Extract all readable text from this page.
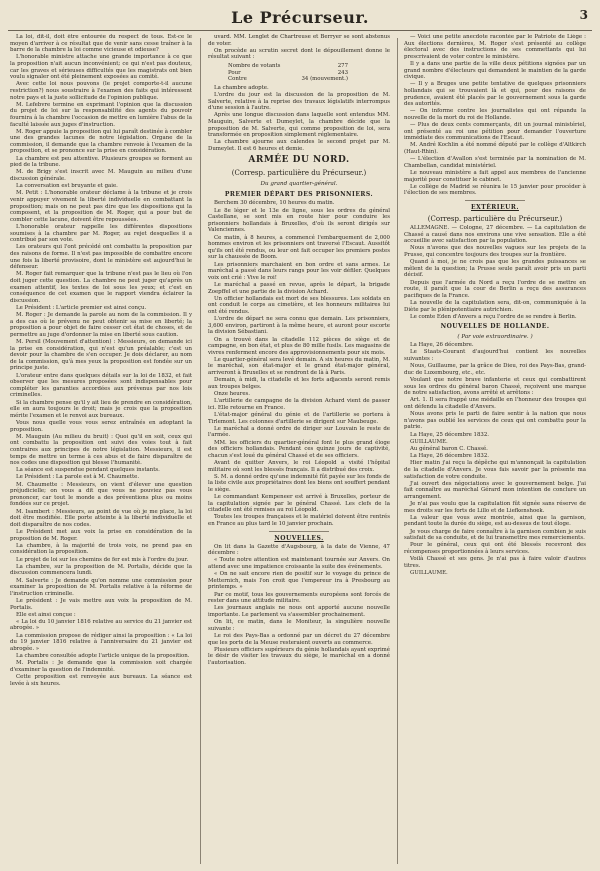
Le Précurseur.	3

La loi, dit-il, doit être entourée du respect de tous. Est-ce le moyen d'arriver à ce résultat que de venir sans cesse traîner à la barre de la chambre la loi comme vicieuse et odieuse?

L'honorable ministre attache une grande importance à ce que la proposition n'ait aucun inconvénient; ce qui n'est pas douteux, car les graves et sérieuses difficultés que les magistrats ont bien voulu signaler ont été pleinement exposées au comité.

Avec cette loi nous pouvons (le projet comporte-t-il aucune restriction?) nous soustraire à l'examen des faits qui intéressent notre pays et la juste sollicitude de l'opinion publique.

M. Lefebvre termine en exprimant l'opinion que la discussion du projet de loi sur la responsabilité des agents du pouvoir fournira à la chambre l'occasion de mettre en lumière l'abus de la faculté laissée aux juges d'instruction.

M. Roger appuie la proposition qui lui paraît destinée à combler une des grandes lacunes de notre législation. Organe de la commission, il demande que la chambre renvoie à l'examen de la proposition, et se prononce sur la prise en considération.

La chambre est peu attentive. Plusieurs groupes se forment au pied de la tribune.

M. de Brigy s'est inscrit avec M. Mauguin au milieu d'une discussion générale.

La conversation est bruyante et gaie.

M. Petit : L'honorable orateur déclame à la tribune et je crois venir appuyer vivement la liberté individuelle en combattant la proposition; mais on ne peut pas dire que les dispositions qui la composent, et la proposition de M. Roger, qui a pour but de combler cette lacune, doivent être repoussées.

L'honorable orateur rappelle les différentes dispositions soumises à la chambre par M. Roger, au rejet desquelles il a contribué par son vote.

Les orateurs qui l'ont précédé ont combattu la proposition par des raisons de forme. Il n'est pas impossible de combattre encore une fois la liberté provisoire, dont le ministère est aujourd'hui le défenseur.

M. Roger fait remarquer que la tribune n'est pas le lieu où l'on doit juger cette question. La chambre ne peut juger qu'après un examen attentif, les textes de loi sous les yeux; et c'est en conséquence de cet examen que le rapport viendra éclairer la discussion.

Le Président : L'article premier est ainsi conçu.

M. Roger : Je demande la parole au nom de la commission. Il y a des cas où le prévenu ne peut obtenir sa mise en liberté; la proposition a pour objet de faire cesser cet état de choses, et de permettre au juge d'ordonner la mise en liberté sous caution.

M. Persil (Mouvement d'attention) : Messieurs, on demande ici la prise en considération, qui n'est qu'un préalable; c'est un devoir pour la chambre de s'en occuper. Je dois déclarer, au nom de la commission, qu'à mes yeux la proposition est fondée sur un principe juste.

L'orateur entre dans quelques détails sur la loi de 1832, et fait observer que les mesures proposées sont indispensables pour compléter les garanties accordées aux prévenus par nos lois criminelles.

Si la chambre pense qu'il y ait lieu de prendre en considération, elle en aura toujours le droit; mais je crois que la proposition mérite l'examen et le renvoi aux bureaux.

Vous nous quelle vous vous serez entraînés en adoptant la proposition.

M. Mauguin (Au milieu du bruit) : Quoi qu'il en soit, ceux qui ont combattu la proposition ont suivi des voies tout à fait contraires aux principes de notre législation. Messieurs, il est temps de mettre un terme à ces abus et de faire disparaître de nos codes une disposition qui blesse l'humanité.

La séance est suspendue pendant quelques instants.

Le Président : La parole est à M. Chaumette.

M. Chaumette : Messieurs, on vient d'élever une question préjudicielle; on vous a dit que vous ne pouviez pas vous prononcer, car tout le monde a des préventions plus ou moins fondées sur ce projet.

M. Isambert : Messieurs, au point de vue où je me place, la loi doit être modifiée. Elle porte atteinte à la liberté individuelle et doit disparaître de nos codes.

Le Président met aux voix la prise en considération de la proposition de M. Roger.

La chambre, à la majorité de trois voix, ne prend pas en considération la proposition.

Le projet de loi sur les chemins de fer est mis à l'ordre du jour.

La chambre, sur la proposition de M. Portalis, décide que la discussion commencera lundi.

M. Salverte : Je demande qu'on nomme une commission pour examiner la proposition de M. Portalis relative à la réforme de l'instruction criminelle.

Le président : Je vais mettre aux voix la proposition de M. Portalis.

Elle est ainsi conçue :

« La loi du 10 janvier 1816 relative au service du 21 janvier est abrogée. »

La commission propose de rédiger ainsi la proposition : « La loi du 19 janvier 1816 relative à l'anniversaire du 21 janvier est abrogée. »

La chambre consultée adopte l'article unique de la proposition.

M. Portalis : Je demande que la commission soit chargée d'examiner la question de l'indemnité.

Cette proposition est renvoyée aux bureaux. La séance est levée à six heures.

uvard. MM. Lenglet de Chartreuse et Berryer se sont abstenus de voter.

On procède au scrutin secret dont le dépouillement donne le résultat suivant :

Nombre de votants	277
Pour	243
Contre	34 (mouvement.)

La chambre adopte.

L'ordre du jour est la discussion de la proposition de M. Salverte, relative à la reprise des travaux législatifs interrompus d'une session à l'autre.

Après une longue discussion dans laquelle sont entendus MM. Mauguin, Salverte et Dumeylet, la chambre décide que la proposition de M. Salverte, qui comme proposition de loi, sera transformée en proposition simplement réglementaire.

La chambre ajourne aux calendes le second projet par M. Dumeylet. Il est 6 heures et demie.

ARMÉE DU NORD.
(Corresp. particulière du Précurseur.)
Du grand quartier-général.
PREMIER DÉPART DES PRISONNIERS.

Berchem 30 décembre, 10 heures du matin.

Le 8e léger et le 13e de ligne, sous les ordres du général Castellane, se sont mis en route hier pour conduire les prisonniers hollandais à Bruxelles, d'où ils seront dirigés sur Valenciennes.

Ce matin, à 8 heures, a commencé l'embarquement de 2,000 hommes environ et les prisonniers ont traversé l'Escaut. Aussitôt qu'ils ont été rendus, ou leur ont fait occuper les premiers postes sur la chaussée de Boom.

Les prisonniers marchaient en bon ordre et sans armes. Le maréchal a passé dans leurs rangs pour les voir défiler. Quelques voix ont crié : Vive le roi!

Le maréchal a passé en revue, après le départ, la brigade Zoepffel et une partie de la division Achard.

Un officier hollandais est mort de ses blessures. Les soldats en ont conduit le corps au cimetière, et les honneurs militaires lui ont été rendus.

L'ordre de départ ne sera connu que demain. Les prisonniers, 3,600 environ, partiront à la même heure, et auront pour escorte la division Sébastiani.

On a trouvé dans la citadelle 112 pièces de siège et de campagne, en bon état, et plus de 80 mille fusils. Les magasins de vivres renferment encore des approvisionnements pour six mois.

Le quartier-général sera levé demain. A six heures du matin, M. le maréchal, son état-major et le grand état-major général, arriveront à Bruxelles et se rendront de là à Paris.

Demain, à midi, la citadelle et les forts adjacents seront remis aux troupes belges.

Onze heures.

L'artillerie de campagne de la division Achard vient de passer ici. Elle retourne en France.

L'état-major général du génie et de l'artillerie se portera à Tirlemont. Les colonnes d'artillerie se dirigent sur Maubeuge.

Le maréchal a donné ordre de diriger sur Louvain le reste de l'armée.

MM. les officiers du quartier-général font le plus grand éloge des officiers hollandais. Pendant ces quinze jours de captivité, chacun s'est loué du général Chassé et de ses officiers.

Avant de quitter Anvers, le roi Léopold a visité l'hôpital militaire où sont les blessés français. Il a distribué des croix.

S. M. a donné ordre qu'une indemnité fût payée sur les fonds de la liste civile aux propriétaires dont les biens ont souffert pendant le siège.

Le commandant Kempeneer est arrivé à Bruxelles, porteur de la capitulation signée par le général Chassé. Les clefs de la citadelle ont été remises au roi Léopold.

Toutes les troupes françaises et le matériel doivent être rentrés en France au plus tard le 10 janvier prochain.

NOUVELLES.

On lit dans la Gazette d'Augsbourg, à la date de Vienne, 47 décembre :

« Toute notre attention est maintenant tournée sur Anvers. On attend avec une impatience croissante la suite des événements.

« On ne sait encore rien de positif sur le voyage du prince de Metternich, mais l'on croit que l'empereur ira à Presbourg au printemps. »

Par ce motif, tous les gouvernements européens sont forcés de rester dans une attitude militaire.

Les journaux anglais ne nous ont apporté aucune nouvelle importante. Le parlement va s'assembler prochainement.

On lit, ce matin, dans le Moniteur, la singulière nouvelle suivante :

Le roi des Pays-Bas a ordonné par un décret du 27 décembre que les ports de la Meuse resteraient ouverts au commerce.

Plusieurs officiers supérieurs du génie hollandais ayant exprimé le désir de visiter les travaux du siège, le maréchal en a donné l'autorisation.

— Voici une petite anecdote racontée par le Patriote de Liège : Aux élections dernières, M. Roger s'est présenté au collège électoral avec des instructions de ses commettants qui lui prescrivaient de voter contre le ministère.

Il y a dans une partie de la ville deux pétitions signées par un grand nombre d'électeurs qui demandent le maintien de la garde civique.

— Il y a Bruges une petite tentative de quelques prisonniers hollandais qui se trouvaient là et qui, pour des raisons de prudence, avaient été placés par le gouvernement sous la garde des autorités.

— On informe contre les journalistes qui ont répandu la nouvelle de la mort du roi de Hollande.

— Plus de deux cents commerçants, dit un journal ministériel, ont présenté au roi une pétition pour demander l'ouverture immédiate des communications de l'Escaut.

M. André Kochlin a été nommé député par le collège d'Altkirch (Haut-Rhin).

— L'élection d'Avallon s'est terminée par la nomination de M. Chambellan, candidat ministériel.

Le nouveau ministère a fait appel aux membres de l'ancienne majorité pour constituer le cabinet.

Le collège de Madrid se réunira le 15 janvier pour procéder à l'élection de ses membres.

EXTÉRIEUR.
(Corresp. particulière du Précurseur.)

ALLEMAGNE. — Cologne, 27 décembre. — La capitulation de Chassé a causé dans nos environs une vive sensation. Elle a été accueillie avec satisfaction par la population.

Nous n'avons que des nouvelles vagues sur les projets de la Prusse, qui concentre toujours des troupes sur la frontière.

Quand à moi, je ne crois pas que les grandes puissances se mêlent de la question; la Prusse seule paraît avoir pris un parti décisif.

Depuis que l'armée du Nord a reçu l'ordre de se mettre en route, il paraît que la cour de Berlin a reçu des assurances pacifiques de la France.

La nouvelle de la capitulation sera, dit-on, communiquée à la Diète par le plénipotentiaire autrichien.

Le comte Eden d'Anvers a reçu l'ordre de se rendre à Berlin.

NOUVELLES DE HOLLANDE.
( Par voie extraordinaire. )

La Haye, 26 décembre.

Le Staats-Courant d'aujourd'hui contient les nouvelles suivantes :

Nous, Guillaume, par la grâce de Dieu, roi des Pays-Bas, grand-duc de Luxembourg, etc., etc.

Voulant que notre brave infanterie et ceux qui combattirent sous les ordres du général baron Chassé, reçoivent une marque de notre satisfaction, avons arrêté et arrêtons :

Art. 1. Il sera frappé une médaille en l'honneur des troupes qui ont défendu la citadelle d'Anvers.

Nous avons pris le parti de faire sentir à la nation que nous n'avons pas oublié les services de ceux qui ont combattu pour la patrie.

La Haye, 25 décembre 1832.

GUILLAUME.

Au général baron C. Chassé.

La Haye, 26 décembre 1832.

Hier matin j'ai reçu la dépêche qui m'annonçait la capitulation de la citadelle d'Anvers. Je vous fais savoir par la présente ma satisfaction de votre conduite.

J'ai ouvert des négociations avec le gouvernement belge. J'ai fait connaître au maréchal Gérard mon intention de conclure un arrangement.

Je n'ai pas voulu que la capitulation fût signée sans réserve de mes droits sur les forts de Lillo et de Liefkenshoek.

La valeur que vous avez montrée, ainsi que la garnison, pendant toute la durée du siège, est au-dessus de tout éloge.

Je vous charge de faire connaître à la garnison combien je suis satisfait de sa conduite, et de lui transmettre mes remerciements.

Pour le général, ceux qui ont été blessés recevront des récompenses proportionnées à leurs services.

Voilà Chassé et ses gens. Je n'ai pas à faire valoir d'autres titres.

GUILLAUME.
